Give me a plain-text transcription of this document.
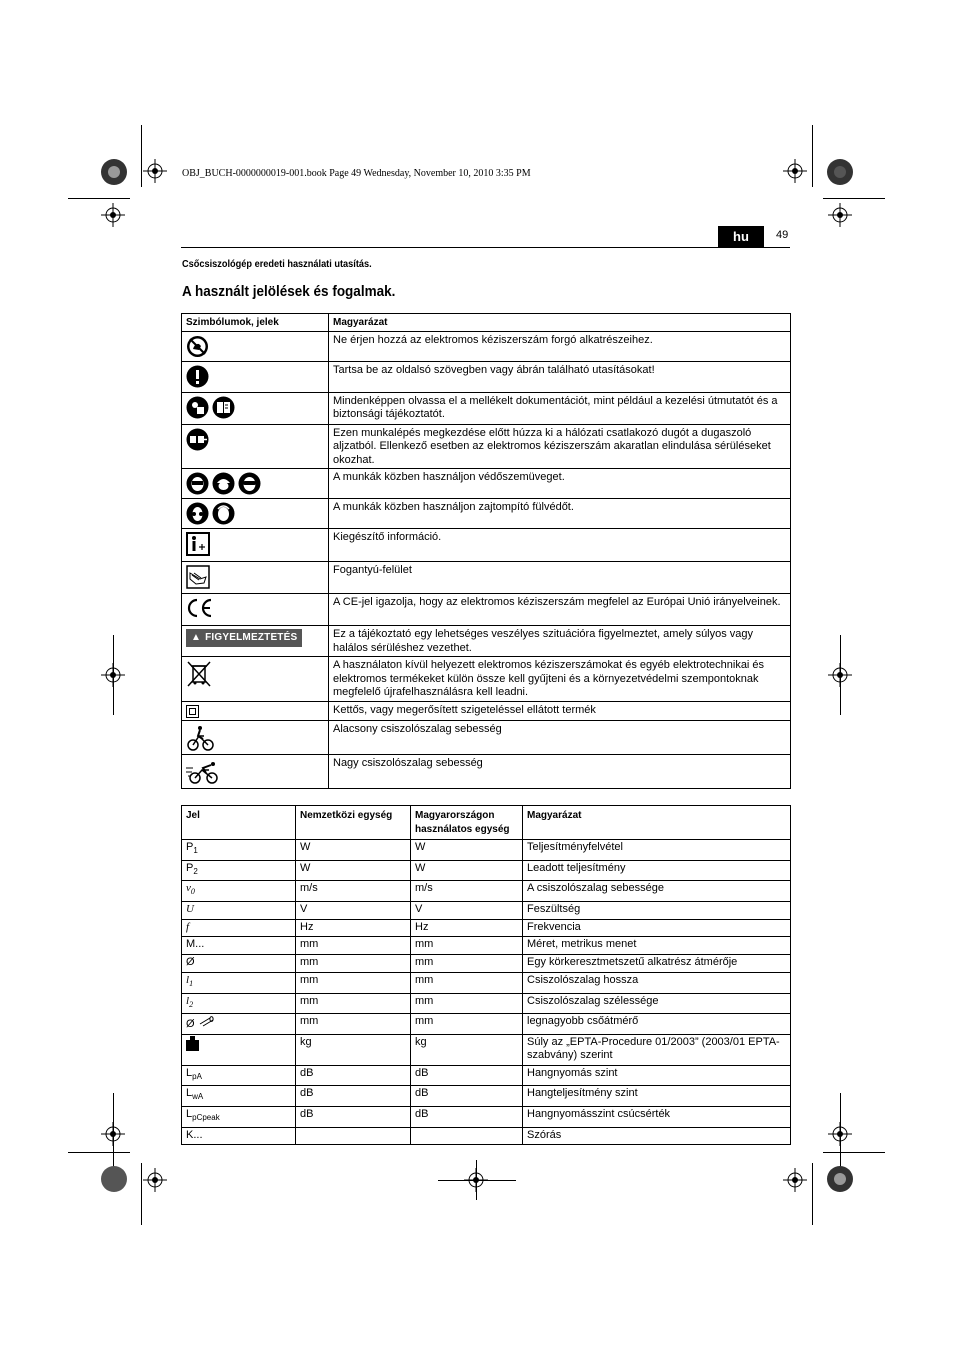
OBJ_BUCH-0000000019-001.book Page 49 Wednesday, November 10, 2010 3:35 PM
hu	49
Csőcsiszológép eredeti használati utasítás.
A használt jelölések és fogalmak.
Szimbólumok, jelek	Magyarázat

	Ne érjen hozzá az elektromos kéziszerszám forgó alkatrészeihez.

	Tartsa be az oldalsó szövegben vagy ábrán található utasításokat!

	Mindenképpen olvassa el a mellékelt dokumentációt, mint például a kezelési útmutatót és a biztonsági tájékoztatót.

	Ezen munkalépés megkezdése előtt húzza ki a hálózati csatlakozó dugót a dugaszoló aljzatból. Ellenkező esetben az elektromos kéziszerszám akaratlan elindulása sérüléseket okozhat.

	A munkák közben használjon védőszemüveget.

	A munkák közben használjon zajtompító fülvédőt.

	Kiegészítő információ.

	Fogantyú-felület

	A CE-jel igazolja, hogy az elektromos kéziszerszám megfelel az Európai Unió irányelveinek.

▲ FIGYELMEZTETÉS	Ez a tájékoztató egy lehetséges veszélyes szituációra figyelmeztet, amely súlyos vagy halálos sérüléshez vezethet.

	A használaton kívül helyezett elektromos kéziszerszámokat és egyéb elektrotechnikai és elektromos termékeket külön össze kell gyűjteni és a környezetvédelmi szempontoknak megfelelő újrafelhasználásra kell leadni.

	Kettős, vagy megerősített szigeteléssel ellátott termék

	Alacsony csiszolószalag sebesség

	Nagy csiszolószalag sebesség
Jel	Nemzetközi egység	Magyarországon használatos egység	Magyarázat
$P_1$	W	W	Teljesítményfelvétel
$P_2$	W	W	Leadott teljesítmény
$v_0$	m/s	m/s	A csiszolószalag sebessége
U	V	V	Feszültség
f	Hz	Hz	Frekvencia
M...	mm	mm	Méret, metrikus menet
Ø	mm	mm	Egy körkeresztmetszetű alkatrész átmérője
$l_1$	mm	mm	Csiszolószalag hossza
$l_2$	mm	mm	Csiszolószalag szélessége
Ø	mm	mm	legnagyobb csőátmérő
	kg	kg	Súly az „EPTA-Procedure 01/2003” (2003/01 EPTA-szabvány) szerint
$L_{pA}$	dB	dB	Hangnyomás szint
$L_{wA}$	dB	dB	Hangteljesítmény szint
$L_{pCpeak}$	dB	dB	Hangnyomásszint csúcsérték
K...			Szórás
